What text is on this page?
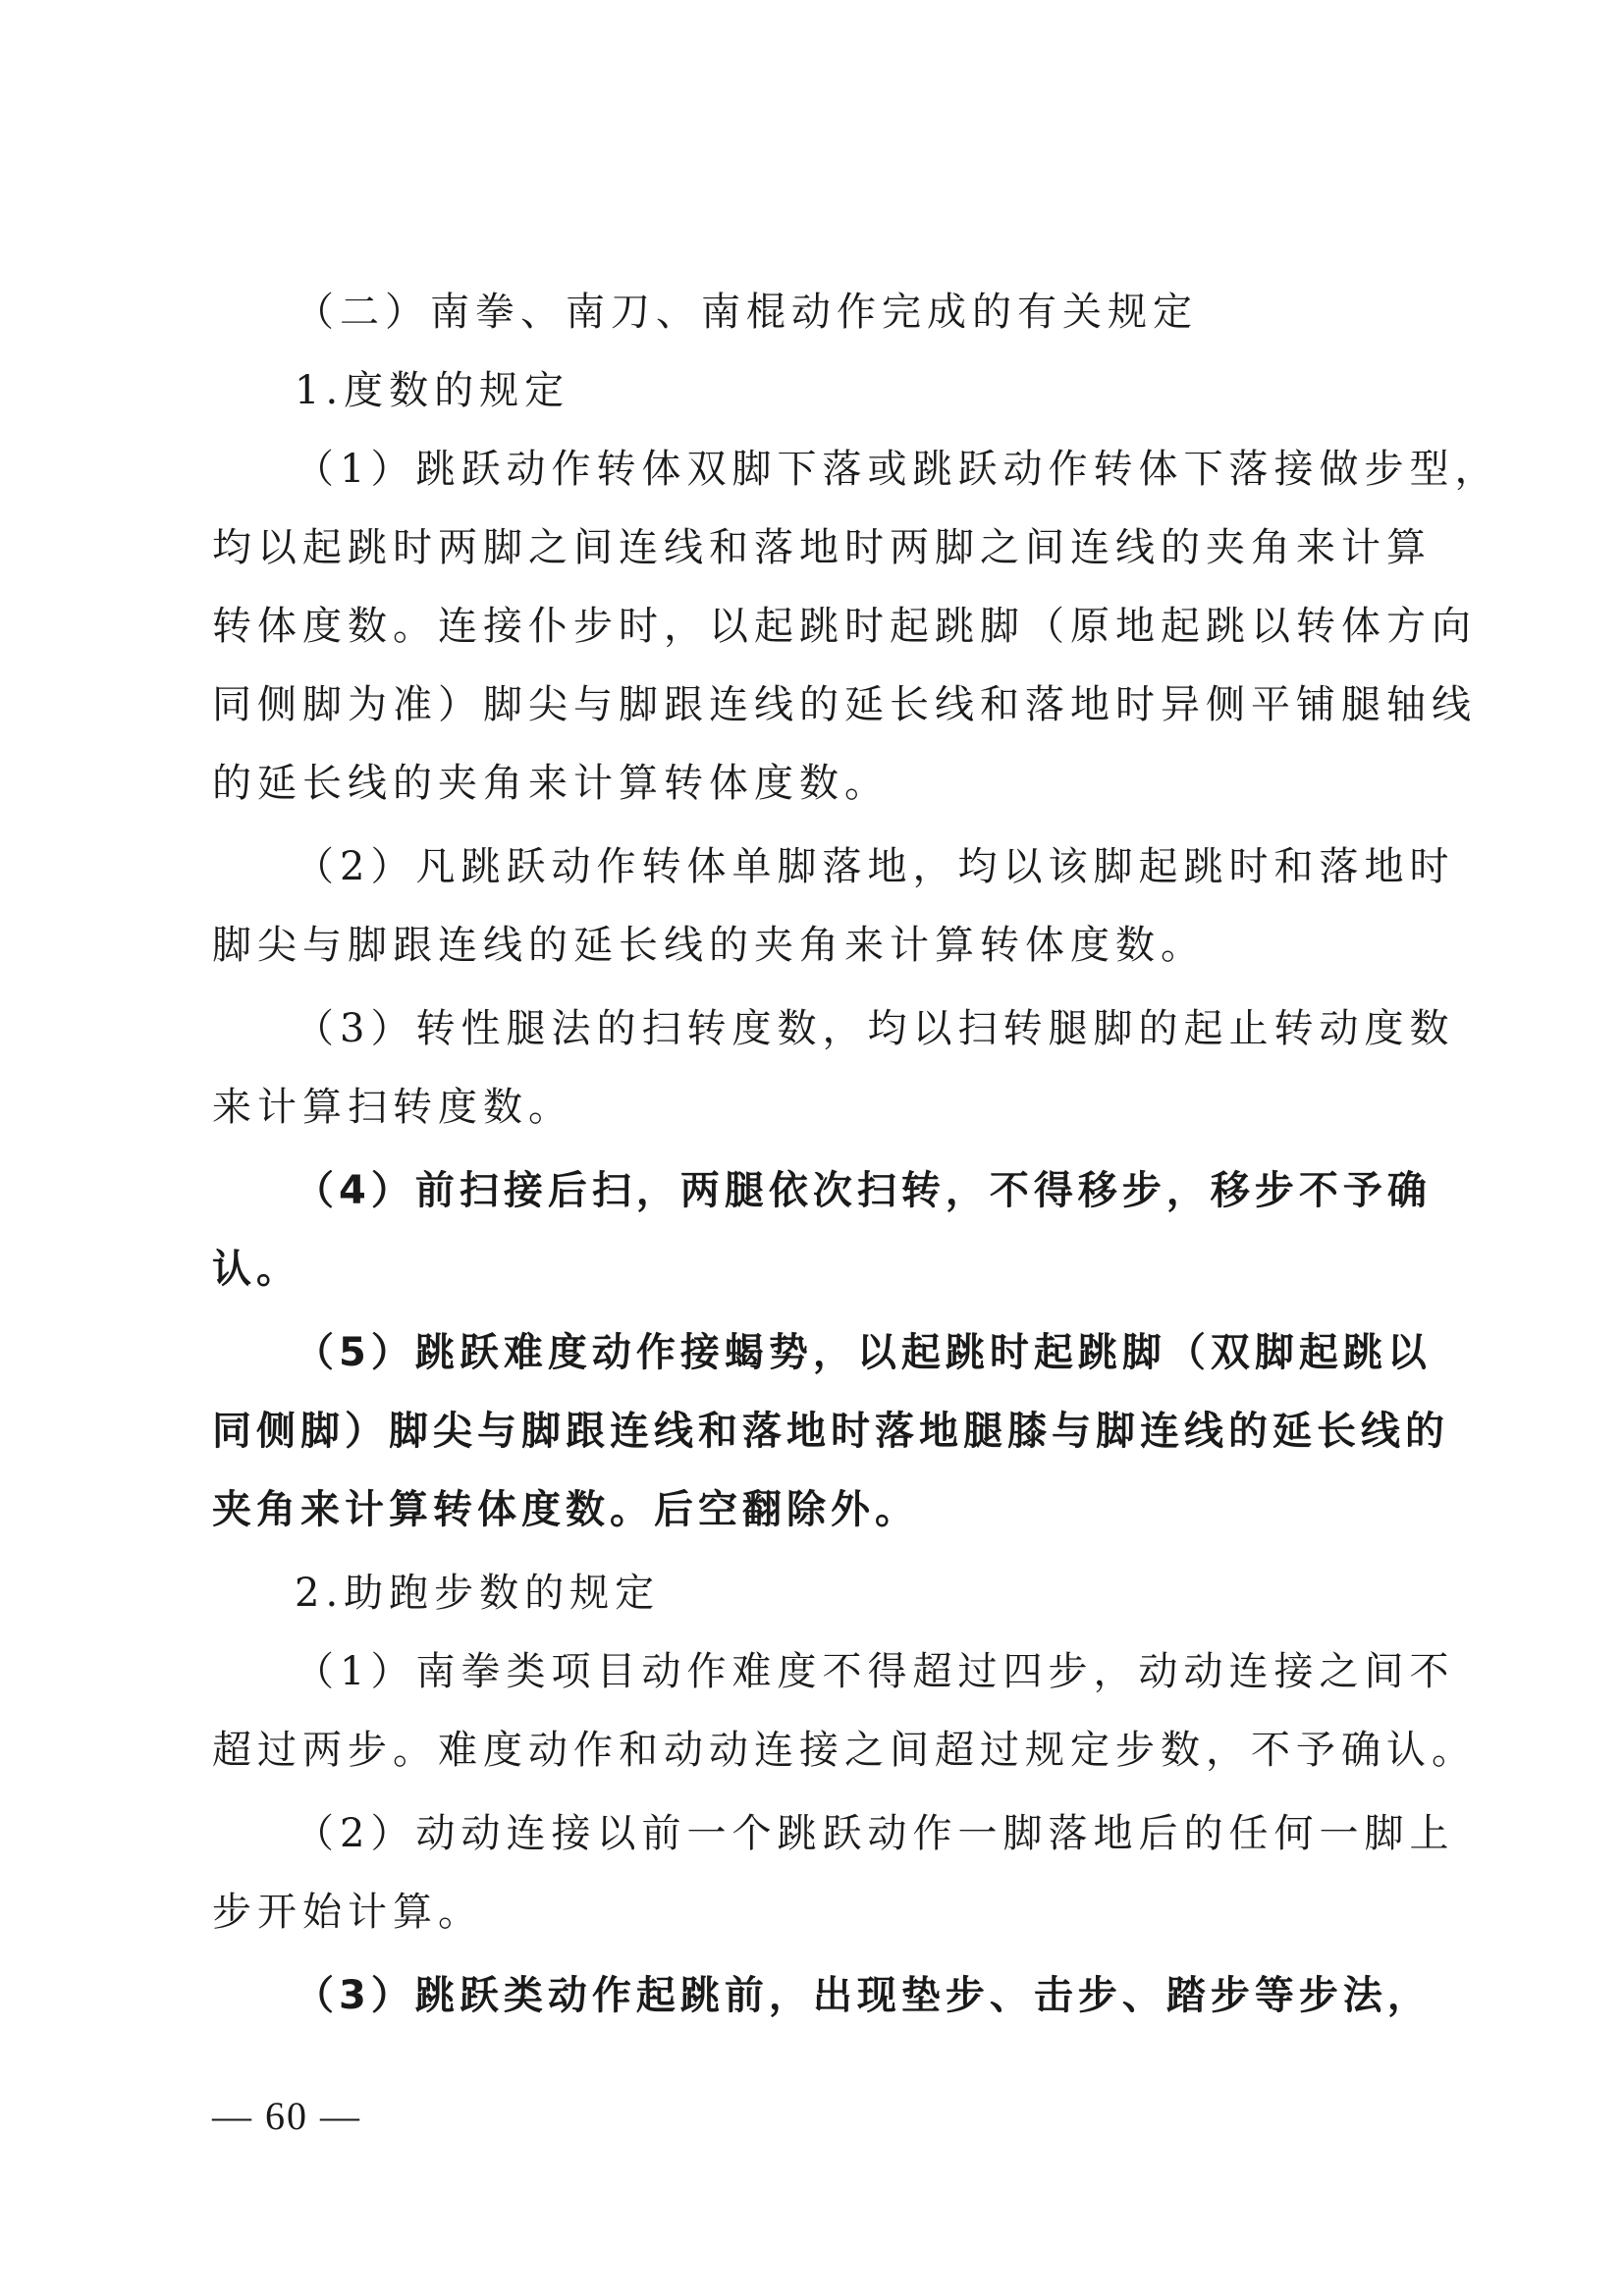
（二）南拳、南刀、南棍动作完成的有关规定

1.度数的规定

（1）跳跃动作转体双脚下落或跳跃动作转体下落接做步型，

均以起跳时两脚之间连线和落地时两脚之间连线的夹角来计算

转体度数。连接仆步时，以起跳时起跳脚（原地起跳以转体方向

同侧脚为准）脚尖与脚跟连线的延长线和落地时异侧平铺腿轴线

的延长线的夹角来计算转体度数。

（2）凡跳跃动作转体单脚落地，均以该脚起跳时和落地时

脚尖与脚跟连线的延长线的夹角来计算转体度数。

（3）转性腿法的扫转度数，均以扫转腿脚的起止转动度数

来计算扫转度数。

（4）前扫接后扫，两腿依次扫转，不得移步，移步不予确

认。

（5）跳跃难度动作接蝎势，以起跳时起跳脚（双脚起跳以

同侧脚）脚尖与脚跟连线和落地时落地腿膝与脚连线的延长线的

夹角来计算转体度数。后空翻除外。

2.助跑步数的规定

（1）南拳类项目动作难度不得超过四步，动动连接之间不

超过两步。难度动作和动动连接之间超过规定步数，不予确认。

（2）动动连接以前一个跳跃动作一脚落地后的任何一脚上

步开始计算。

（3）跳跃类动作起跳前，出现垫步、击步、踏步等步法，

— 60 —
